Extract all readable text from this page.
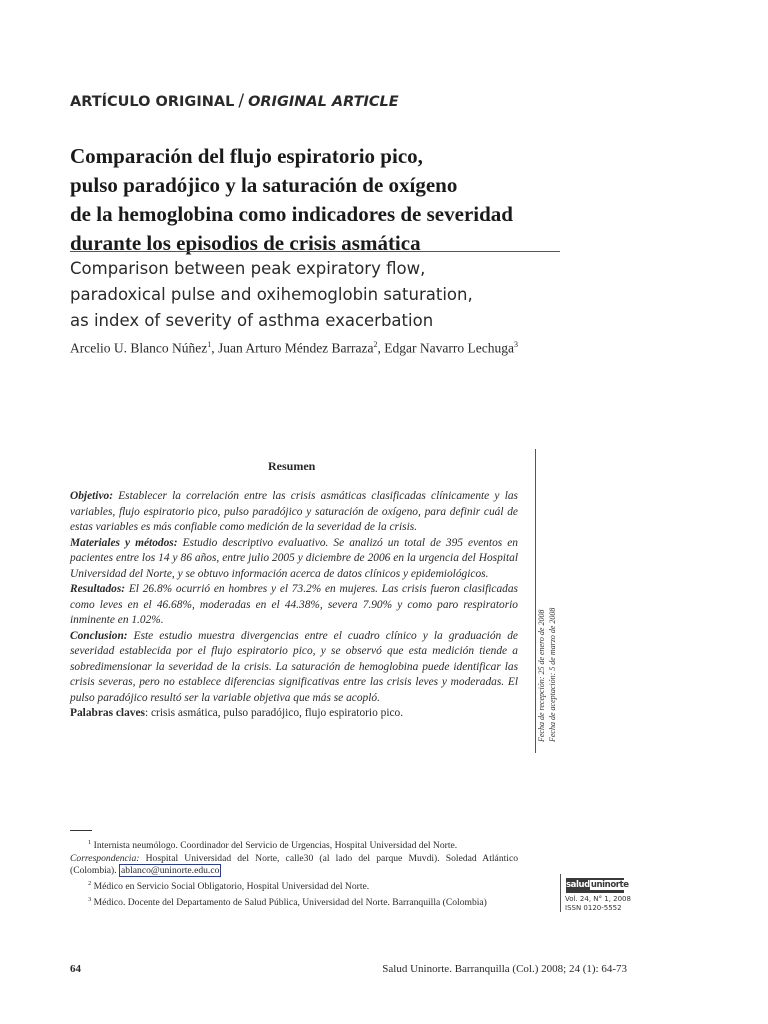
ARTÍCULO ORIGINAL / ORIGINAL ARTICLE
Comparación del flujo espiratorio pico,
pulso paradójico y la saturación de oxígeno
de la hemoglobina como indicadores de severidad
durante los episodios de crisis asmática
Comparison between peak expiratory flow,
paradoxical pulse and oxihemoglobin saturation,
as index of severity of asthma exacerbation
Arcelio U. Blanco Núñez$^1$, Juan Arturo Méndez Barraza$^2$, Edgar Navarro Lechuga$^3$
Resumen

Objetivo: Establecer la correlación entre las crisis asmáticas clasificadas clínicamente y las variables, flujo espiratorio pico, pulso paradójico y saturación de oxígeno, para definir cuál de estas variables es más confiable como medición de la severidad de la crisis.

Materiales y métodos: Estudio descriptivo evaluativo. Se analizó un total de 395 eventos en pacientes entre los 14 y 86 años, entre julio 2005 y diciembre de 2006 en la urgencia del Hospital Universidad del Norte, y se obtuvo información acerca de datos clínicos y epidemiológicos.

Resultados: El 26.8% ocurrió en hombres y el 73.2% en mujeres. Las crisis fueron clasificadas como leves en el 46.68%, moderadas en el 44.38%, severa 7.90% y como paro respiratorio inminente en 1.02%.

Conclusion: Este estudio muestra divergencias entre el cuadro clínico y la graduación de severidad establecida por el flujo espiratorio pico, y se observó que esta medición tiende a sobredimensionar la severidad de la crisis. La saturación de hemoglobina puede identificar las crisis severas, pero no establece diferencias significativas entre las crisis leves y moderadas. El pulso paradójico resultó ser la variable objetiva que más se acopló.

Palabras claves: crisis asmática, pulso paradójico, flujo espiratorio pico.	Fecha de recepción: 25 de enero de 2008 Fecha de aceptación: 5 de marzo de 2008

$^1$ Internista neumólogo. Coordinador del Servicio de Urgencias, Hospital Universidad del Norte.

Correspondencia: Hospital Universidad del Norte, calle30 (al lado del parque Muvdi). Soledad Atlántico (Colombia). ablanco@uninorte.edu.co

$^2$ Médico en Servicio Social Obligatorio, Hospital Universidad del Norte.

$^3$ Médico. Docente del Departamento de Salud Pública, Universidad del Norte. Barranquilla (Colombia)

saluduninorte
Vol. 24, N° 1, 2008
ISSN 0120-5552
64	Salud Uninorte. Barranquilla (Col.) 2008; 24 (1): 64-73
